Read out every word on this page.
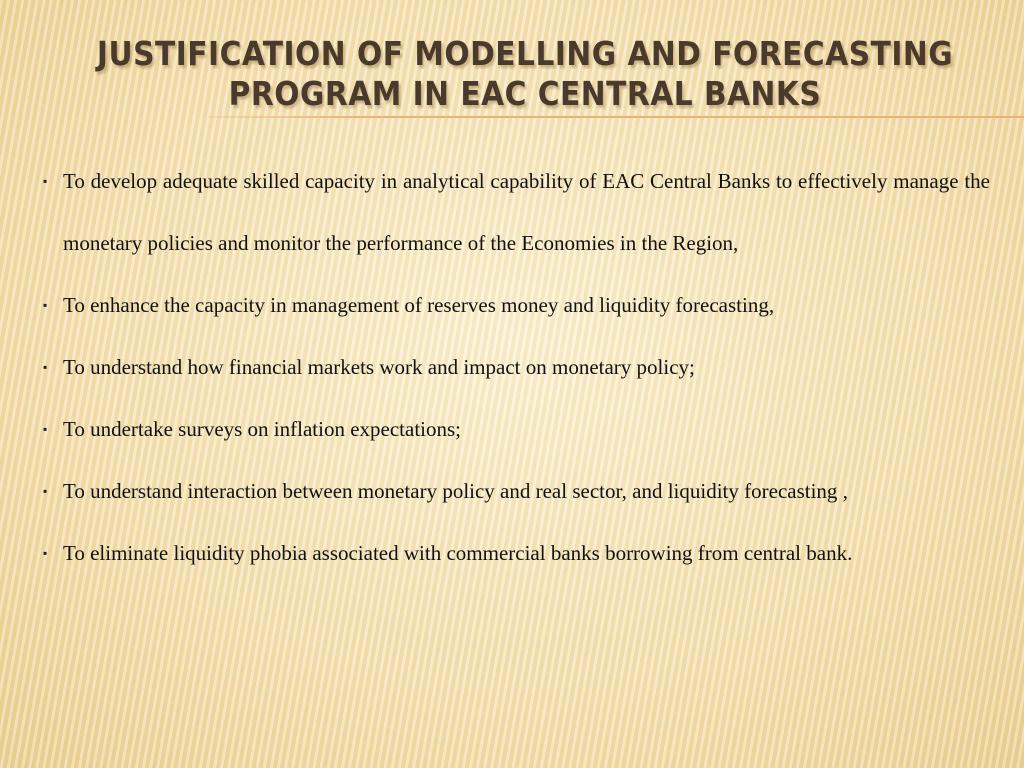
JUSTIFICATION OF MODELLING AND FORECASTING
PROGRAM IN EAC CENTRAL BANKS
▪ To develop adequate skilled capacity in analytical capability of EAC Central Banks to effectively manage the monetary policies and monitor the performance of the Economies in the Region,
▪ To enhance the capacity in management of reserves money and liquidity forecasting,
▪ To understand how financial markets work and impact on monetary policy;
▪ To undertake surveys on inflation expectations;
▪ To understand interaction between monetary policy and real sector, and liquidity forecasting ,
▪ To eliminate liquidity phobia associated with commercial banks borrowing from central bank.
